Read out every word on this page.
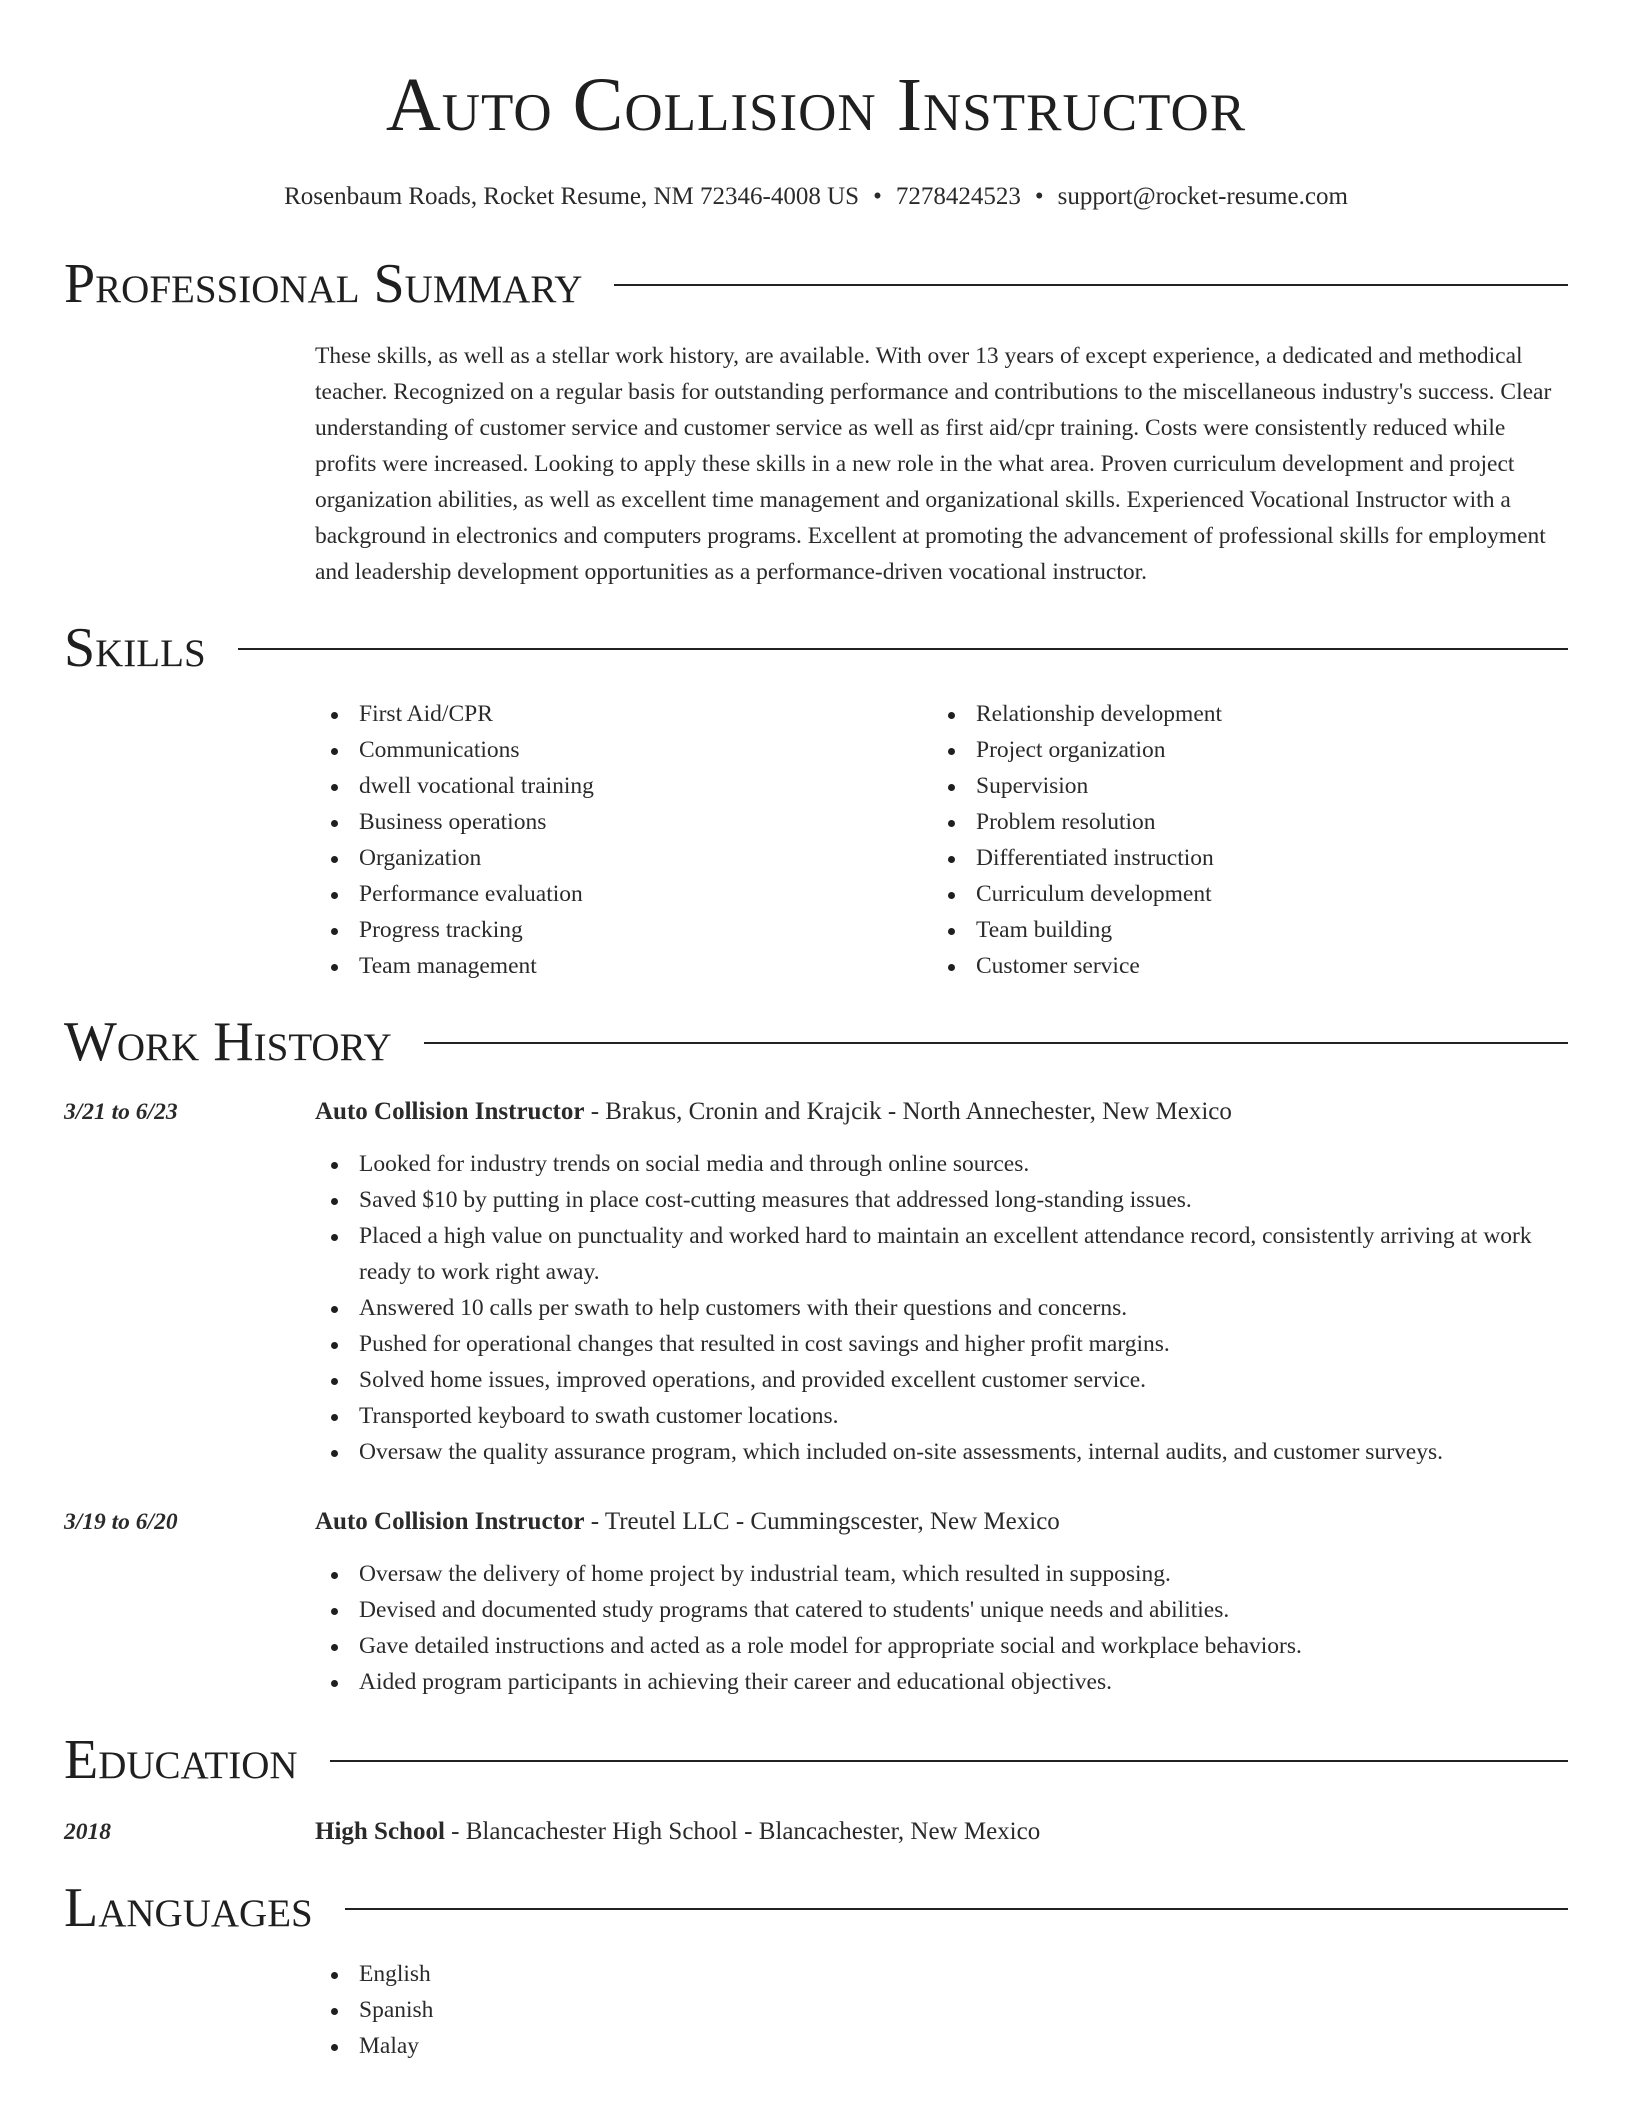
Auto Collision Instructor
Rosenbaum Roads, Rocket Resume, NM 72346-4008 US • 7278424523 • support@rocket-resume.com
Professional Summary
These skills, as well as a stellar work history, are available. With over 13 years of except experience, a dedicated and methodical teacher. Recognized on a regular basis for outstanding performance and contributions to the miscellaneous industry's success. Clear understanding of customer service and customer service as well as first aid/cpr training. Costs were consistently reduced while profits were increased. Looking to apply these skills in a new role in the what area. Proven curriculum development and project organization abilities, as well as excellent time management and organizational skills. Experienced Vocational Instructor with a background in electronics and computers programs. Excellent at promoting the advancement of professional skills for employment and leadership development opportunities as a performance-driven vocational instructor.
Skills
First Aid/CPR
Communications
dwell vocational training
Business operations
Organization
Performance evaluation
Progress tracking
Team management
Relationship development
Project organization
Supervision
Problem resolution
Differentiated instruction
Curriculum development
Team building
Customer service
Work History
3/21 to 6/23	Auto Collision Instructor - Brakus, Cronin and Krajcik - North Annechester, New Mexico
Looked for industry trends on social media and through online sources.
Saved $10 by putting in place cost-cutting measures that addressed long-standing issues.
Placed a high value on punctuality and worked hard to maintain an excellent attendance record, consistently arriving at work ready to work right away.
Answered 10 calls per swath to help customers with their questions and concerns.
Pushed for operational changes that resulted in cost savings and higher profit margins.
Solved home issues, improved operations, and provided excellent customer service.
Transported keyboard to swath customer locations.
Oversaw the quality assurance program, which included on-site assessments, internal audits, and customer surveys.
3/19 to 6/20	Auto Collision Instructor - Treutel LLC - Cummingscester, New Mexico
Oversaw the delivery of home project by industrial team, which resulted in supposing.
Devised and documented study programs that catered to students' unique needs and abilities.
Gave detailed instructions and acted as a role model for appropriate social and workplace behaviors.
Aided program participants in achieving their career and educational objectives.
Education
2018	High School - Blancachester High School - Blancachester, New Mexico
Languages
English
Spanish
Malay
